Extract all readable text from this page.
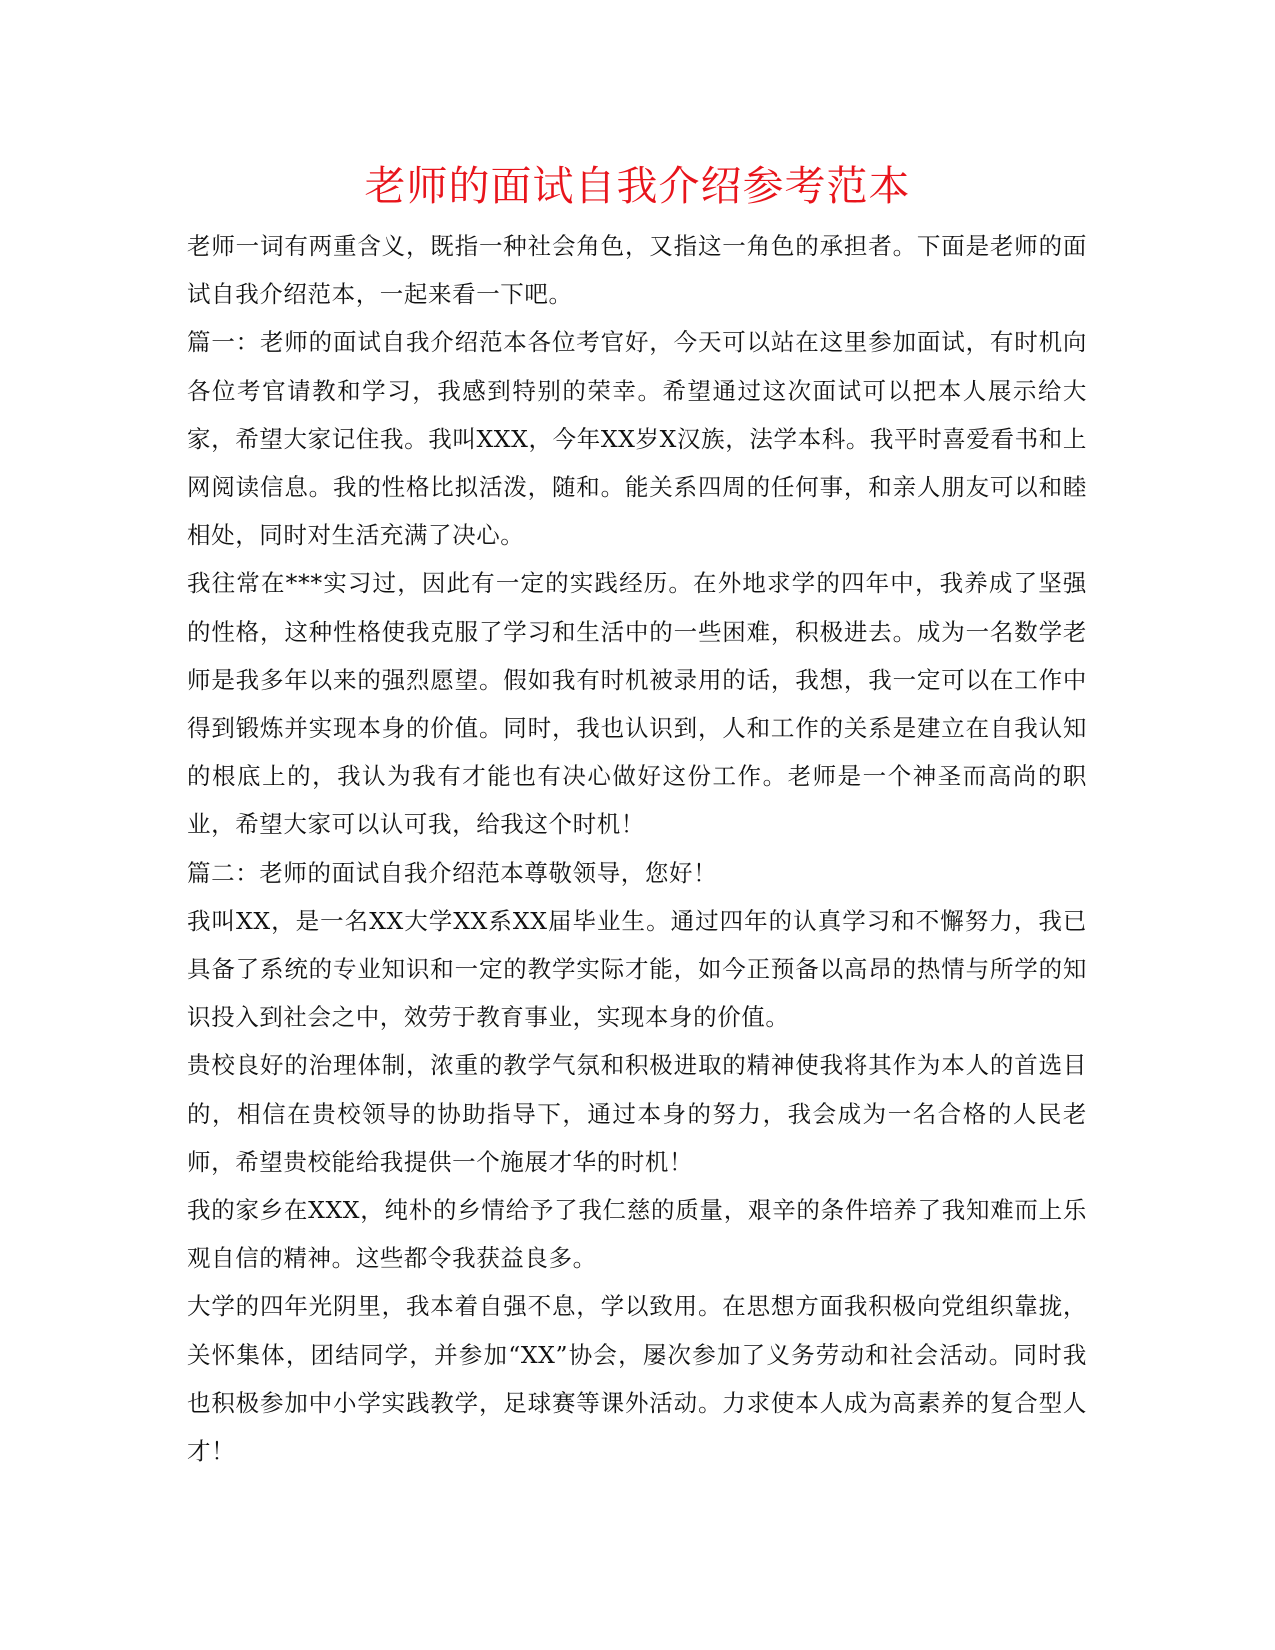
老师的面试自我介绍参考范本

老师一词有两重含义，既指一种社会角色，又指这一角色的承担者。下面是老师的面试自我介绍范本，一起来看一下吧。

篇一：老师的面试自我介绍范本各位考官好，今天可以站在这里参加面试，有时机向各位考官请教和学习，我感到特别的荣幸。希望通过这次面试可以把本人展示给大家，希望大家记住我。我叫XXX，今年XX岁X汉族，法学本科。我平时喜爱看书和上网阅读信息。我的性格比拟活泼，随和。能关系四周的任何事，和亲人朋友可以和睦相处，同时对生活充满了决心。

我往常在***实习过，因此有一定的实践经历。在外地求学的四年中，我养成了坚强的性格，这种性格使我克服了学习和生活中的一些困难，积极进去。成为一名数学老师是我多年以来的强烈愿望。假如我有时机被录用的话，我想，我一定可以在工作中得到锻炼并实现本身的价值。同时，我也认识到，人和工作的关系是建立在自我认知的根底上的，我认为我有才能也有决心做好这份工作。老师是一个神圣而高尚的职业，希望大家可以认可我，给我这个时机！

篇二：老师的面试自我介绍范本尊敬领导，您好！

我叫XX，是一名XX大学XX系XX届毕业生。通过四年的认真学习和不懈努力，我已具备了系统的专业知识和一定的教学实际才能，如今正预备以高昂的热情与所学的知识投入到社会之中，效劳于教育事业，实现本身的价值。

贵校良好的治理体制，浓重的教学气氛和积极进取的精神使我将其作为本人的首选目的，相信在贵校领导的协助指导下，通过本身的努力，我会成为一名合格的人民老师，希望贵校能给我提供一个施展才华的时机！

我的家乡在XXX，纯朴的乡情给予了我仁慈的质量，艰辛的条件培养了我知难而上乐观自信的精神。这些都令我获益良多。

大学的四年光阴里，我本着自强不息，学以致用。在思想方面我积极向党组织靠拢，关怀集体，团结同学，并参加“XX”协会，屡次参加了义务劳动和社会活动。同时我也积极参加中小学实践教学，足球赛等课外活动。力求使本人成为高素养的复合型人才！
